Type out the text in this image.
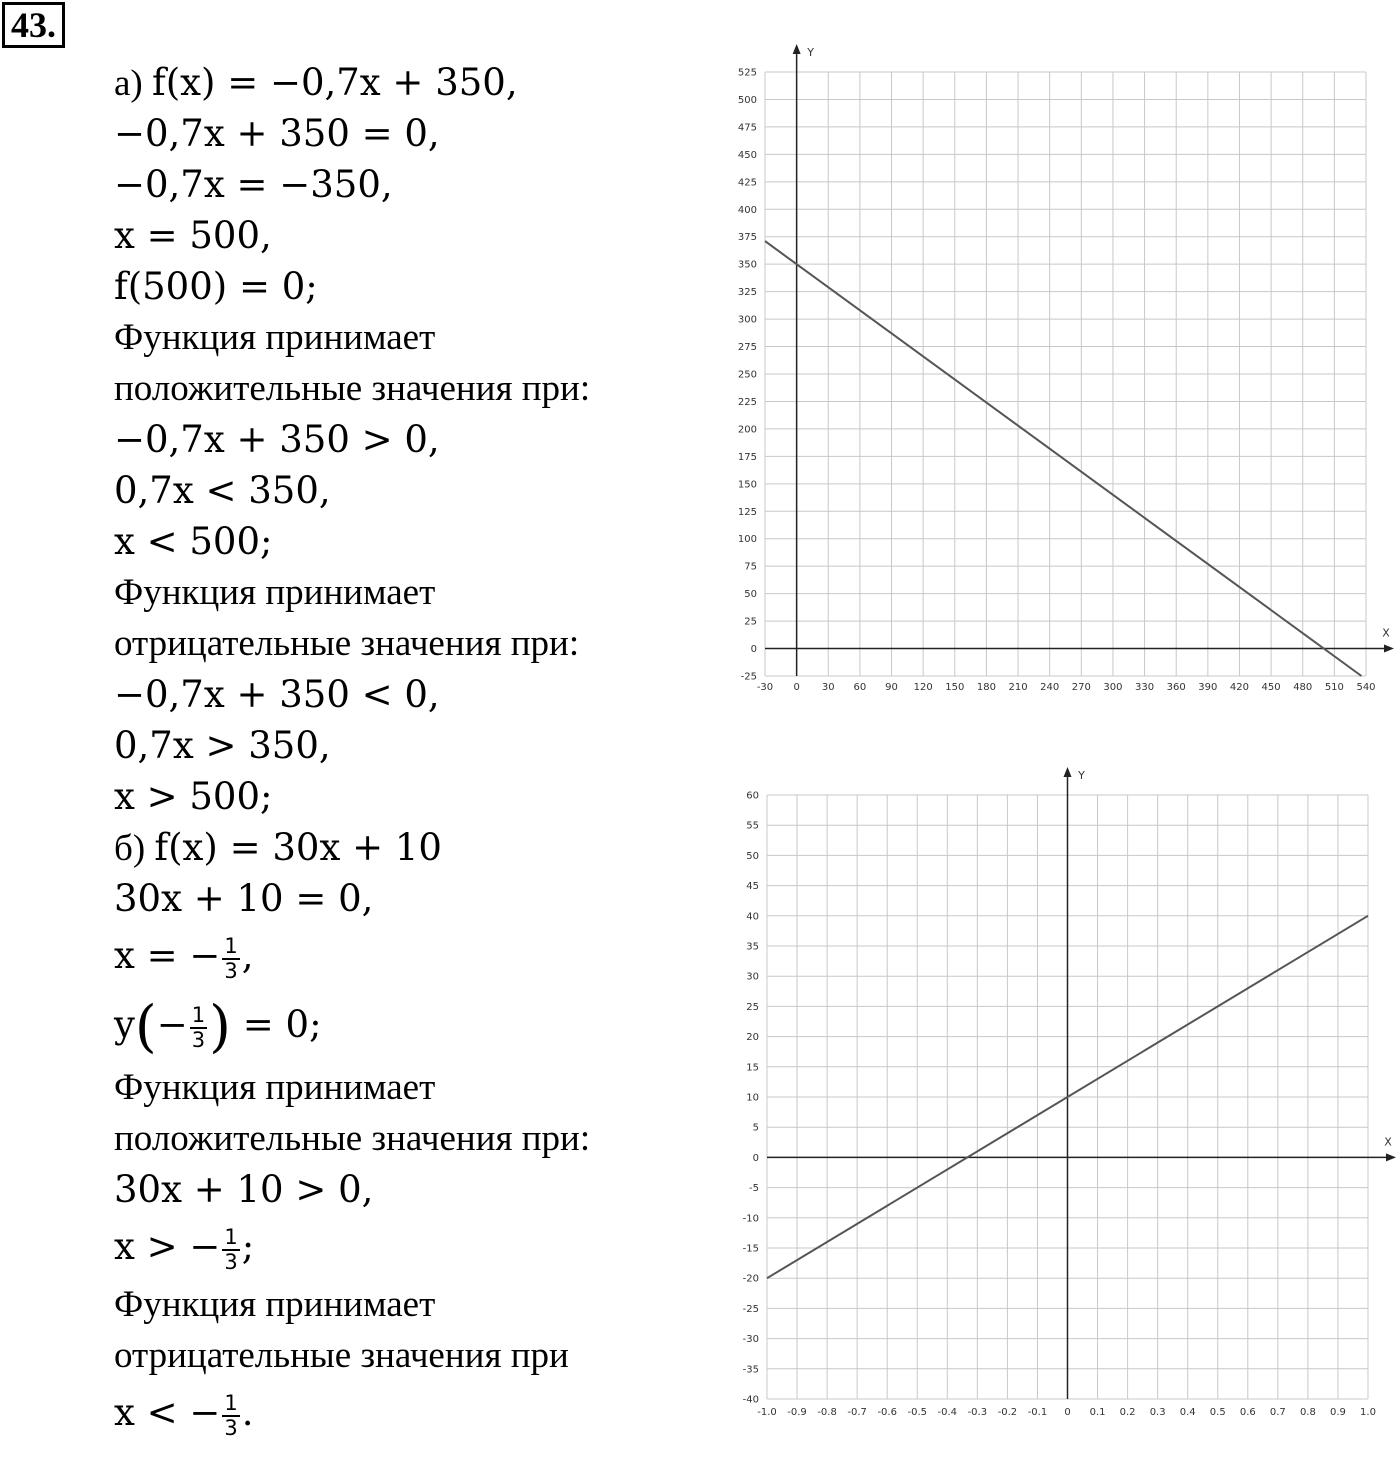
43.
а) f(x) = −0,7x + 350,
−0,7x + 350 = 0,
−0,7x = −350,
x = 500,
f(500) = 0;
Функция принимает
положительные значения при:
−0,7x + 350 > 0,
0,7x < 350,
x < 500;
Функция принимает
отрицательные значения при:
−0,7x + 350 < 0,
0,7x > 350,
x > 500;
б) f(x) = 30x + 10
30x + 10 = 0,
x = − $\frac{1}{3}$ ,
$y(- \frac{1}{3}$ ) = 0;
Функция принимает
положительные значения при:
30x + 10 > 0,
x > − $\frac{1}{3}$ ;
Функция принимает
отрицательные значения при
x < − $\frac{1}{3}$ .
-30 0 30 60 90 120 150 180 210 240 270 300 330 360 390 420 450 480 510 540
-25
0
25
50
75
100
125
150
175
200
225
250
275
300
325
350
375
400
425
450
475
500
525
X
Y
-1.0 -0.9 -0.8 -0.7 -0.6 -0.5 -0.4 -0.3 -0.2 -0.1 0 0.1 0.2 0.3 0.4 0.5 0.6 0.7 0.8 0.9 1.0
-40
-35
-30
-25
-20
-15
-10
-5
0
5
10
15
20
25
30
35
40
45
50
55
60
X
Y
